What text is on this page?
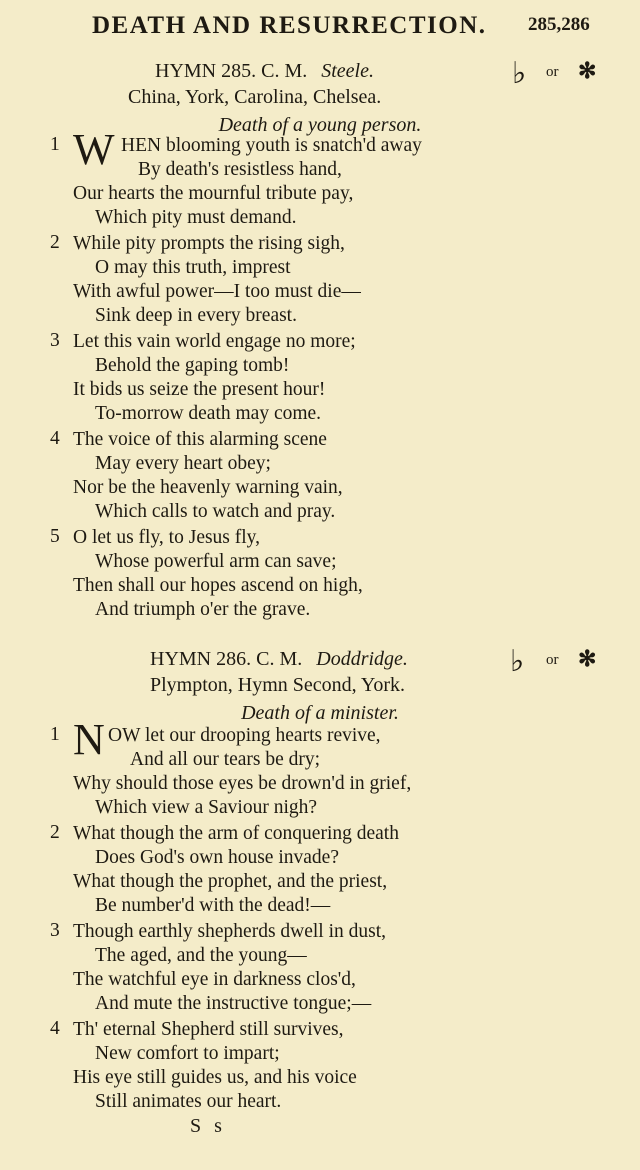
DEATH AND RESURRECTION. 285,286
HYMN 285. C. M. Steele.	♭ or ✻
China, York, Carolina, Chelsea.
Death of a young person.
1 W HEN blooming youth is snatch'd away
By death's resistless hand,
Our hearts the mournful tribute pay,
Which pity must demand.
2 While pity prompts the rising sigh,
O may this truth, imprest
With awful power—I too must die—
Sink deep in every breast.
3 Let this vain world engage no more;
Behold the gaping tomb!
It bids us seize the present hour!
To-morrow death may come.
4 The voice of this alarming scene
May every heart obey;
Nor be the heavenly warning vain,
Which calls to watch and pray.
5 O let us fly, to Jesus fly,
Whose powerful arm can save;
Then shall our hopes ascend on high,
And triumph o'er the grave.
HYMN 286. C. M. Doddridge.	♭ or ✻
Plympton, Hymn Second, York.
Death of a minister.
1 N OW let our drooping hearts revive,
And all our tears be dry;
Why should those eyes be drown'd in grief,
Which view a Saviour nigh?
2 What though the arm of conquering death
Does God's own house invade?
What though the prophet, and the priest,
Be number'd with the dead!—
3 Though earthly shepherds dwell in dust,
The aged, and the young—
The watchful eye in darkness clos'd,
And mute the instructive tongue;—
4 Th' eternal Shepherd still survives,
New comfort to impart;
His eye still guides us, and his voice
Still animates our heart.
S s
